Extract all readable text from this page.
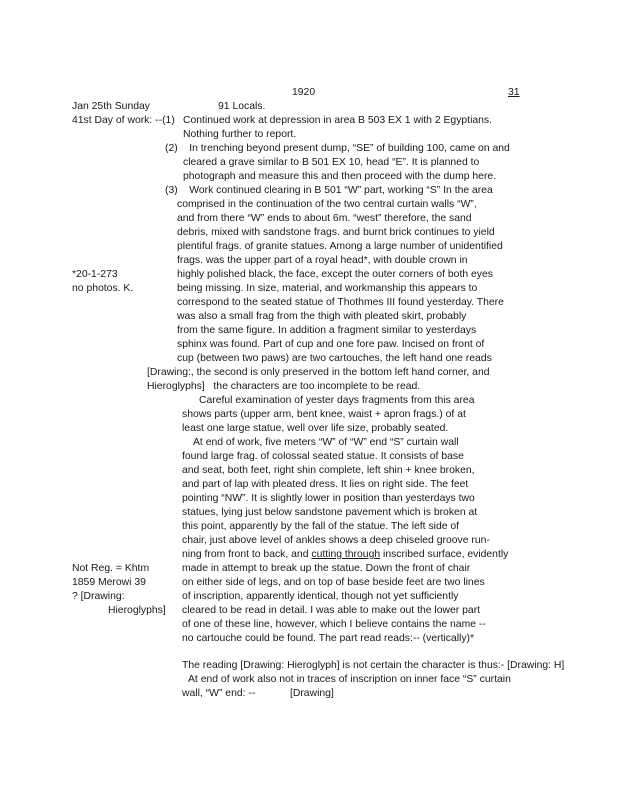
1920	31
Jan 25th Sunday	91 Locals.
41st Day of work: --(1) Continued work at depression in area B 503 EX 1 with 2 Egyptians.
Nothing further to report.
(2)    In trenching beyond present dump, “SE” of building 100, came on and
cleared a grave similar to B 501 EX 10, head “E”. It is planned to
photograph and measure this and then proceed with the dump here.
(3)    Work continued clearing in B 501 “W” part, working “S” In the area
comprised in the continuation of the two central curtain walls “W”,
and from there “W” ends to about 6m. “west” therefore, the sand
debris, mixed with sandstone frags. and burnt brick continues to yield
plentiful frags. of granite statues. Among a large number of unidentified
frags. was the upper part of a royal head*, with double crown in
highly polished black, the face, except the outer corners of both eyes
being missing. In size, material, and workmanship this appears to
correspond to the seated statue of Thothmes III found yesterday. There
was also a small frag from the thigh with pleated skirt, probably
from the same figure. In addition a fragment similar to yesterdays
sphinx was found. Part of cup and one fore paw. Incised on front of
cup (between two paws) are two cartouches, the left hand one reads
[Drawing:, the second is only preserved in the bottom left hand corner, and
Hieroglyphs]   the characters are too incomplete to be read.
Careful examination of yester days fragments from this area
shows parts (upper arm, bent knee, waist + apron frags.) of at
least one large statue, well over life size, probably seated.
At end of work, five meters “W” of “W” end “S” curtain wall
found large frag. of colossal seated statue. It consists of base
and seat, both feet, right shin complete, left shin + knee broken,
and part of lap with pleated dress. It lies on right side. The feet
pointing “NW”. It is slightly lower in position than yesterdays two
statues, lying just below sandstone pavement which is broken at
this point, apparently by the fall of the statue. The left side of
chair, just above level of ankles shows a deep chiseled groove run-
ning from front to back, and cutting through inscribed surface, evidently
made in attempt to break up the statue. Down the front of chair
on either side of legs, and on top of base beside feet are two lines
of inscription, apparently identical, though not yet sufficiently
cleared to be read in detail. I was able to make out the lower part
of one of these line, however, which I believe contains the name --
no cartouche could be found. The part read reads:-- (vertically)*
The reading [Drawing: Hieroglyph] is not certain the character is thus:- [Drawing: H]
At end of work also not in traces of inscription on inner face “S” curtain
wall, “W” end: --            [Drawing]
*20-1-273
no photos. K.
Not Reg. = Khtm
1859 Merowi 39
? [Drawing:
Hieroglyphs]
